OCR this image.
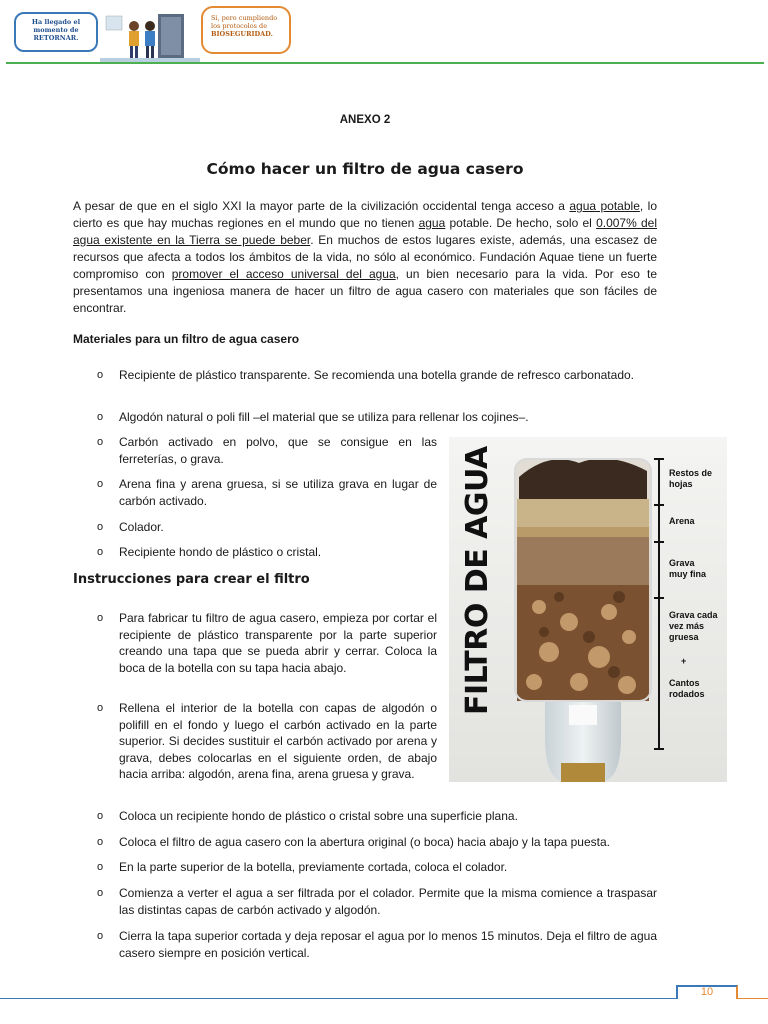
Ha llegado el momento de RETORNAR.
Si, pero cumpliendo los protocolos de BIOSEGURIDAD.
ANEXO 2
Cómo hacer un filtro de agua casero
A pesar de que en el siglo XXI la mayor parte de la civilización occidental tenga acceso a agua potable, lo cierto es que hay muchas regiones en el mundo que no tienen agua potable. De hecho, solo el 0.007% del agua existente en la Tierra se puede beber. En muchos de estos lugares existe, además, una escasez de recursos que afecta a todos los ámbitos de la vida, no sólo al económico. Fundación Aquae tiene un fuerte compromiso con promover el acceso universal del agua, un bien necesario para la vida. Por eso te presentamos una ingeniosa manera de hacer un filtro de agua casero con materiales que son fáciles de encontrar.
Materiales para un filtro de agua casero
o Recipiente de plástico transparente. Se recomienda una botella grande de refresco carbonatado.
o Algodón natural o poli fill –el material que se utiliza para rellenar los cojines–.
o Carbón activado en polvo, que se consigue en las ferreterías, o grava.
o Arena fina y arena gruesa, si se utiliza grava en lugar de carbón activado.
o Colador.
o Recipiente hondo de plástico o cristal.
Instrucciones para crear el filtro
o Para fabricar tu filtro de agua casero, empieza por cortar el recipiente de plástico transparente por la parte superior creando una tapa que se pueda abrir y cerrar. Coloca la boca de la botella con su tapa hacia abajo.
o Rellena el interior de la botella con capas de algodón o polifill en el fondo y luego el carbón activado en la parte superior. Si decides sustituir el carbón activado por arena y grava, debes colocarlas en el siguiente orden, de abajo hacia arriba: algodón, arena fina, arena gruesa y grava.
o Coloca un recipiente hondo de plástico o cristal sobre una superficie plana.
o Coloca el filtro de agua casero con la abertura original (o boca) hacia abajo y la tapa puesta.
o En la parte superior de la botella, previamente cortada, coloca el colador.
o Comienza a verter el agua a ser filtrada por el colador. Permite que la misma comience a traspasar las distintas capas de carbón activado y algodón.
o Cierra la tapa superior cortada y deja reposar el agua por lo menos 15 minutos. Deja el filtro de agua casero siempre en posición vertical.
FILTRO DE AGUA	Restos de hojas
Arena
Grava muy fina
Grava cada vez más gruesa
+
Cantos rodados
10
